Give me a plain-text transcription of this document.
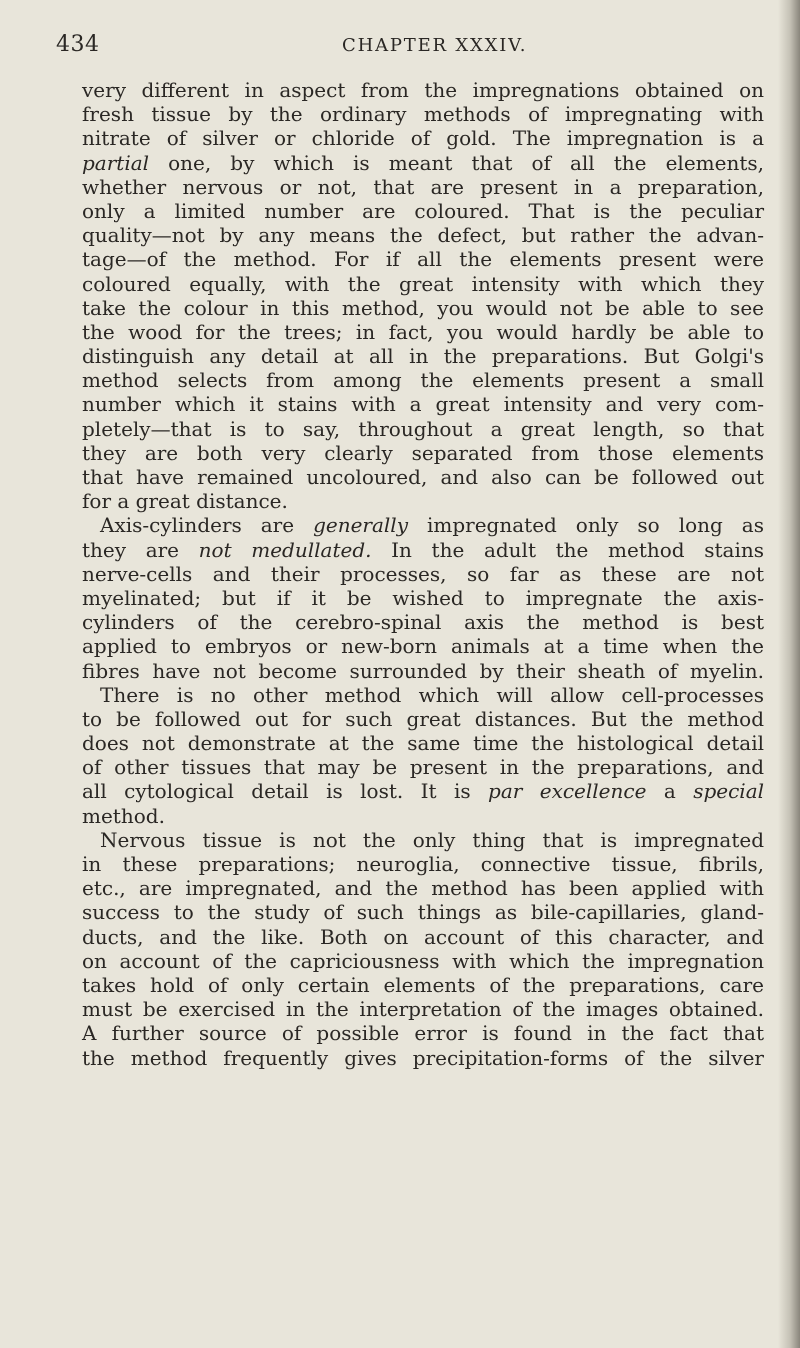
434	CHAPTER XXXIV.
very different in aspect from the impregnations obtained on
fresh tissue by the ordinary methods of impregnating with
nitrate of silver or chloride of gold. The impregnation is a
partial one, by which is meant that of all the elements,
whether nervous or not, that are present in a preparation,
only a limited number are coloured. That is the peculiar
quality—not by any means the defect, but rather the advan-
tage—of the method. For if all the elements present were
coloured equally, with the great intensity with which they
take the colour in this method, you would not be able to see
the wood for the trees; in fact, you would hardly be able to
distinguish any detail at all in the preparations. But Golgi's
method selects from among the elements present a small
number which it stains with a great intensity and very com-
pletely—that is to say, throughout a great length, so that
they are both very clearly separated from those elements
that have remained uncoloured, and also can be followed out
for a great distance.
Axis-cylinders are generally impregnated only so long as
they are not medullated. In the adult the method stains
nerve-cells and their processes, so far as these are not
myelinated; but if it be wished to impregnate the axis-
cylinders of the cerebro-spinal axis the method is best
applied to embryos or new-born animals at a time when the
fibres have not become surrounded by their sheath of myelin.
There is no other method which will allow cell-processes
to be followed out for such great distances. But the method
does not demonstrate at the same time the histological detail
of other tissues that may be present in the preparations, and
all cytological detail is lost. It is par excellence a special
method.
Nervous tissue is not the only thing that is impregnated
in these preparations; neuroglia, connective tissue, fibrils,
etc., are impregnated, and the method has been applied with
success to the study of such things as bile-capillaries, gland-
ducts, and the like. Both on account of this character, and
on account of the capriciousness with which the impregnation
takes hold of only certain elements of the preparations, care
must be exercised in the interpretation of the images obtained.
A further source of possible error is found in the fact that
the method frequently gives precipitation-forms of the silver
